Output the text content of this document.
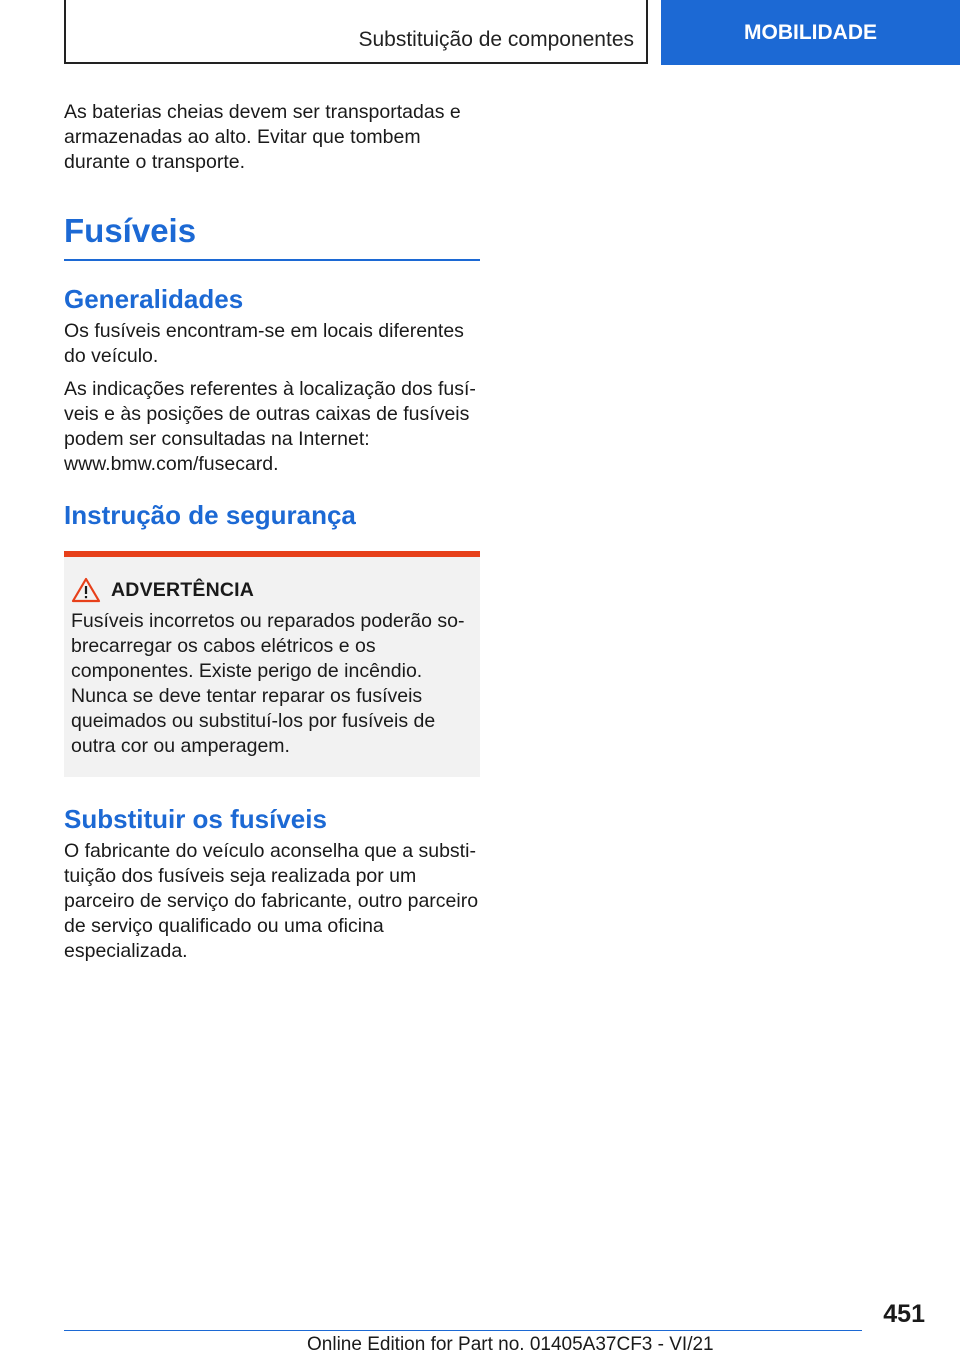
Substituição de componentes	MOBILIDADE

As baterias cheias devem ser transportadas e armazenadas ao alto. Evitar que tombem durante o transporte.

Fusíveis
Generalidades

Os fusíveis encontram-se em locais diferentes do veículo.

As indicações referentes à localização dos fusíveis e às posições de outras caixas de fusíveis podem ser consultadas na Internet: www.bmw.com/fusecard.

Instrução de segurança
ADVERTÊNCIA

Fusíveis incorretos ou reparados poderão sobrecarregar os cabos elétricos e os componentes. Existe perigo de incêndio. Nunca se deve tentar reparar os fusíveis queimados ou substituí-los por fusíveis de outra cor ou amperagem.

Substituir os fusíveis

O fabricante do veículo aconselha que a substituição dos fusíveis seja realizada por um parceiro de serviço do fabricante, outro parceiro de serviço qualificado ou uma oficina especializada.

451
Online Edition for Part no. 01405A37CF3 - VI/21
